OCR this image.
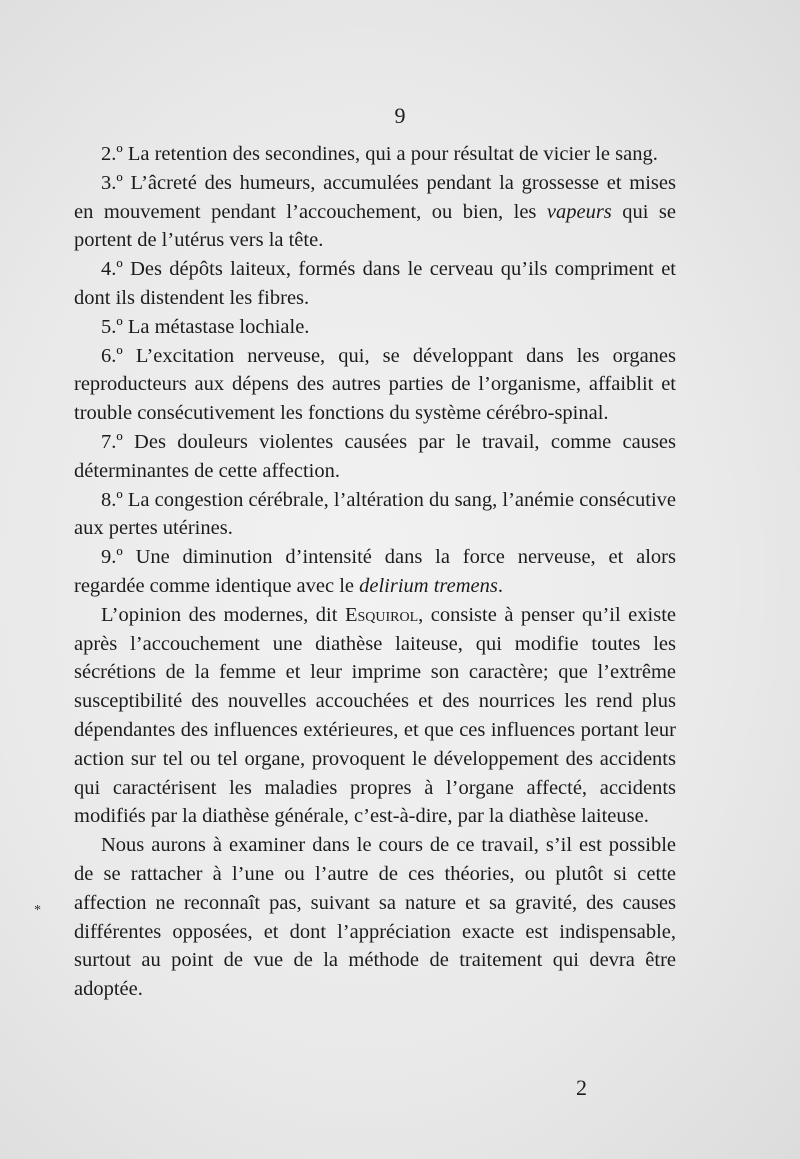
9

2.º La retention des secondines, qui a pour résultat de vicier le sang.

3.º L’âcreté des humeurs, accumulées pendant la grossesse et mises en mouvement pendant l’accouchement, ou bien, les vapeurs qui se portent de l’utérus vers la tête.

4.º Des dépôts laiteux, formés dans le cerveau qu’ils compriment et dont ils distendent les fibres.

5.º La métastase lochiale.

6.º L’excitation nerveuse, qui, se développant dans les organes reproducteurs aux dépens des autres parties de l’organisme, affaiblit et trouble consécutivement les fonctions du système cérébro-spinal.

7.º Des douleurs violentes causées par le travail, comme causes déterminantes de cette affection.

8.º La congestion cérébrale, l’altération du sang, l’anémie consécutive aux pertes utérines.

9.º Une diminution d’intensité dans la force nerveuse, et alors regardée comme identique avec le delirium tremens.

L’opinion des modernes, dit Esquirol, consiste à penser qu’il existe après l’accouchement une diathèse laiteuse, qui modifie toutes les sécrétions de la femme et leur imprime son caractère; que l’extrême susceptibilité des nouvelles accouchées et des nourrices les rend plus dépendantes des influences extérieures, et que ces influences portant leur action sur tel ou tel organe, provoquent le développement des accidents qui caractérisent les maladies propres à l’organe affecté, accidents modifiés par la diathèse générale, c’est-à-dire, par la diathèse laiteuse.

Nous aurons à examiner dans le cours de ce travail, s’il est possible de se rattacher à l’une ou l’autre de ces théories, ou plutôt si cette affection ne reconnaît pas, suivant sa nature et sa gravité, des causes différentes opposées, et dont l’appréciation exacte est indispensable, surtout au point de vue de la méthode de traitement qui devra être adoptée.

*
2
